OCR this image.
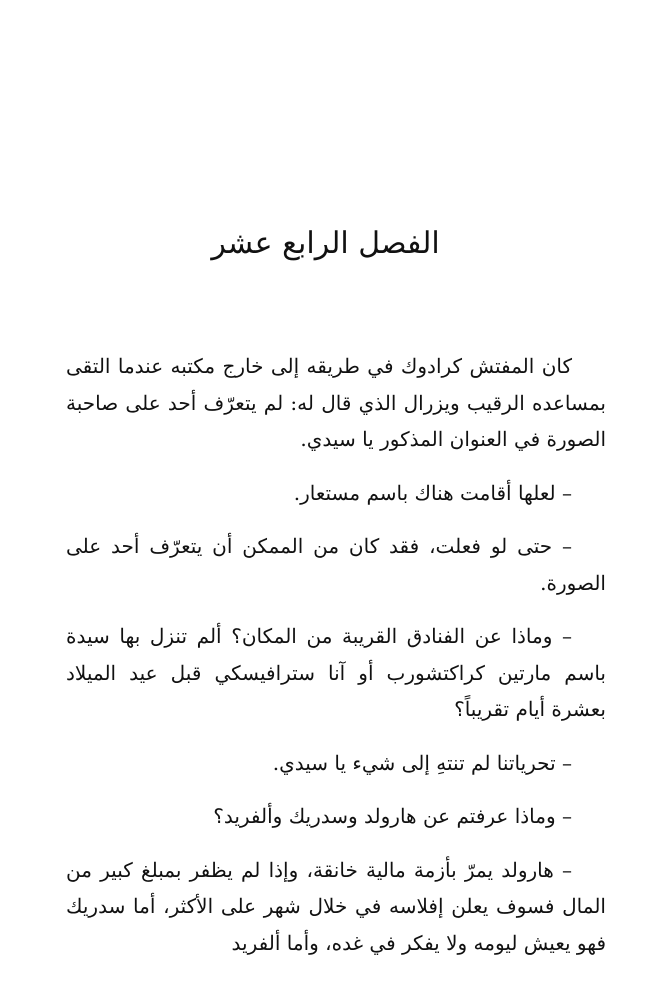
الفصل الرابع عشر

كان المفتش كرادوك في طريقه إلى خارج مكتبه عندما التقى بمساعده الرقيب ويزرال الذي قال له: لم يتعرّف أحد على صاحبة الصورة في العنوان المذكور يا سيدي.

– لعلها أقامت هناك باسم مستعار.

– حتى لو فعلت، فقد كان من الممكن أن يتعرّف أحد على الصورة.

– وماذا عن الفنادق القريبة من المكان؟ ألم تنزل بها سيدة باسم مارتين كراكتشورب أو آنا سترافيسكي قبل عيد الميلاد بعشرة أيام تقريباً؟

– تحرياتنا لم تنتهِ إلى شيء يا سيدي.

– وماذا عرفتم عن هارولد وسدريك وألفريد؟

– هارولد يمرّ بأزمة مالية خانقة، وإذا لم يظفر بمبلغ كبير من المال فسوف يعلن إفلاسه في خلال شهر على الأكثر، أما سدريك فهو يعيش ليومه ولا يفكر في غده، وأما ألفريد
